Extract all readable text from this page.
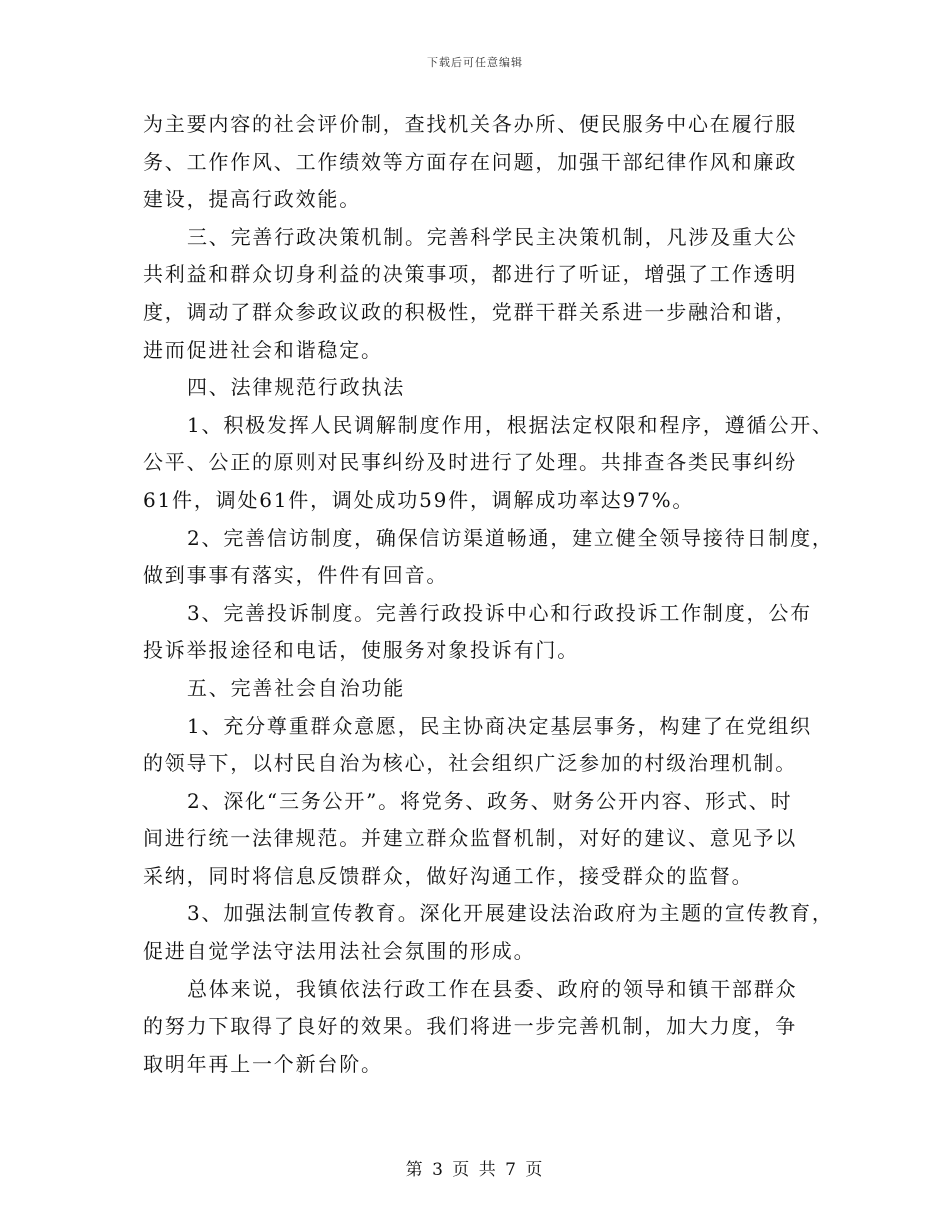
下载后可任意编辑
为主要内容的社会评价制，查找机关各办所、便民服务中心在履行服
务、工作作风、工作绩效等方面存在问题，加强干部纪律作风和廉政
建设，提高行政效能。
三、完善行政决策机制。完善科学民主决策机制，凡涉及重大公
共利益和群众切身利益的决策事项，都进行了听证，增强了工作透明
度，调动了群众参政议政的积极性，党群干群关系进一步融洽和谐，
进而促进社会和谐稳定。
四、法律规范行政执法
1、积极发挥人民调解制度作用，根据法定权限和程序，遵循公开、
公平、公正的原则对民事纠纷及时进行了处理。共排查各类民事纠纷
61件，调处61件，调处成功59件，调解成功率达97%。
2、完善信访制度，确保信访渠道畅通，建立健全领导接待日制度，
做到事事有落实，件件有回音。
3、完善投诉制度。完善行政投诉中心和行政投诉工作制度，公布
投诉举报途径和电话，使服务对象投诉有门。
五、完善社会自治功能
1、充分尊重群众意愿，民主协商决定基层事务，构建了在党组织
的领导下，以村民自治为核心，社会组织广泛参加的村级治理机制。
2、深化“三务公开”。将党务、政务、财务公开内容、形式、时
间进行统一法律规范。并建立群众监督机制，对好的建议、意见予以
采纳，同时将信息反馈群众，做好沟通工作，接受群众的监督。
3、加强法制宣传教育。深化开展建设法治政府为主题的宣传教育，
促进自觉学法守法用法社会氛围的形成。
总体来说，我镇依法行政工作在县委、政府的领导和镇干部群众
的努力下取得了良好的效果。我们将进一步完善机制，加大力度，争
取明年再上一个新台阶。
第 3 页 共 7 页
